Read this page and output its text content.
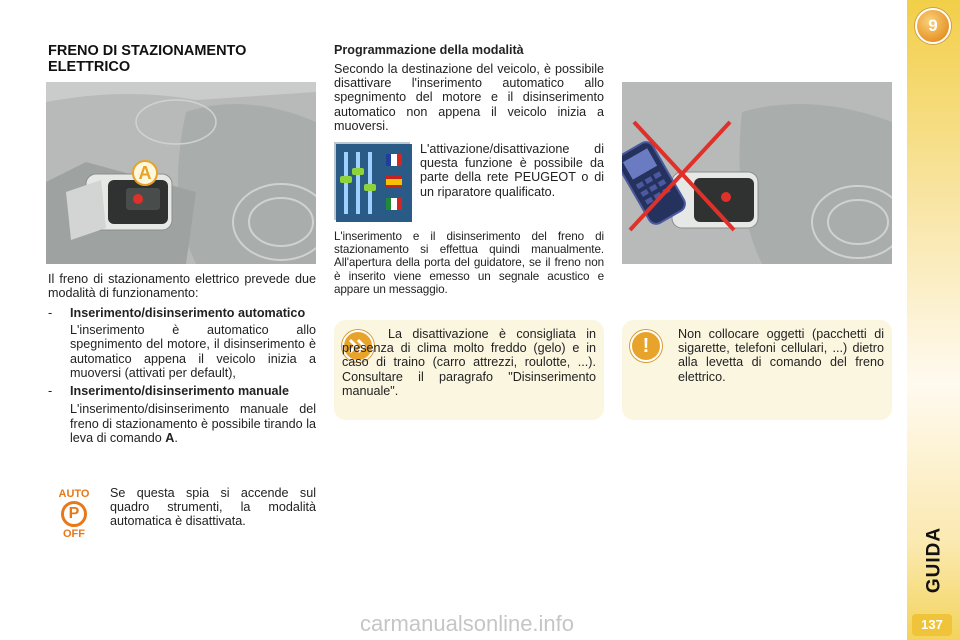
9
GUIDA
137
FRENO DI STAZIONAMENTO
ELETTRICO
A

Il freno di stazionamento elettrico prevede due modalità di funzionamento:

-	Inserimento/disinserimento automatico

L'inserimento è automatico allo spegnimento del motore, il disinserimento è automatico appena il veicolo inizia a muoversi (attivati per default),

-	Inserimento/disinserimento manuale

L'inserimento/disinserimento manuale del freno di stazionamento è possibile tirando la leva di comando A.

AUTO
P
OFF

Se questa spia si accende sul quadro strumenti, la modalità automatica è disattivata.

Programmazione della modalità

Secondo la destinazione del veicolo, è possibile disattivare l'inserimento automatico allo spegnimento del motore e il disinserimento automatico non appena il veicolo inizia a muoversi.

L'attivazione/disattivazione di questa funzione è possibile da parte della rete PEUGEOT o di un riparatore qualificato.

L'inserimento e il disinserimento del freno di stazionamento si effettua quindi manualmente. All'apertura della porta del guidatore, se il freno non è inserito viene emesso un segnale acustico e appare un messaggio.

La disattivazione è consigliata in presenza di clima molto freddo (gelo) e in caso di traino (carro attrezzi, roulotte, ...). Consultare il paragrafo "Disinserimento manuale".

!

Non collocare oggetti (pacchetti di sigarette, telefoni cellulari, ...) dietro alla levetta di comando del freno elettrico.

carmanualsonline.info
